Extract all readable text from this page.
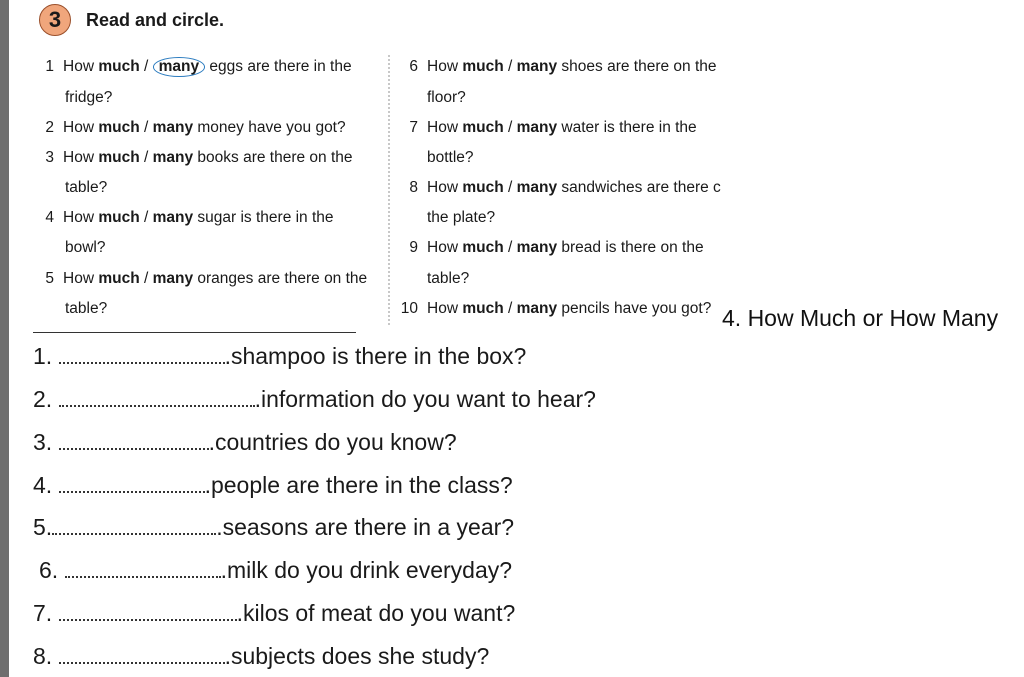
3	Read and circle.
1 How much / many eggs are there in the
fridge?
2 How much / many money have you got?
3 How much / many books are there on the
table?
4 How much / many sugar is there in the
bowl?
5 How much / many oranges are there on the
table?
6 How much / many shoes are there on the
floor?
7 How much / many water is there in the
bottle?
8 How much / many sandwiches are there c
the plate?
9 How much / many bread is there on the
table?
10 How much / many pencils have you got? 4. How Much or How Many
1.	.shampoo is there in the box?
2.	.information do you want to hear?
3.	.countries do you know?
4.	.people are there in the class?
5.	.seasons are there in a year?
6.	.milk do you drink everyday?
7.	.kilos of meat do you want?
8.	.subjects does she study?
